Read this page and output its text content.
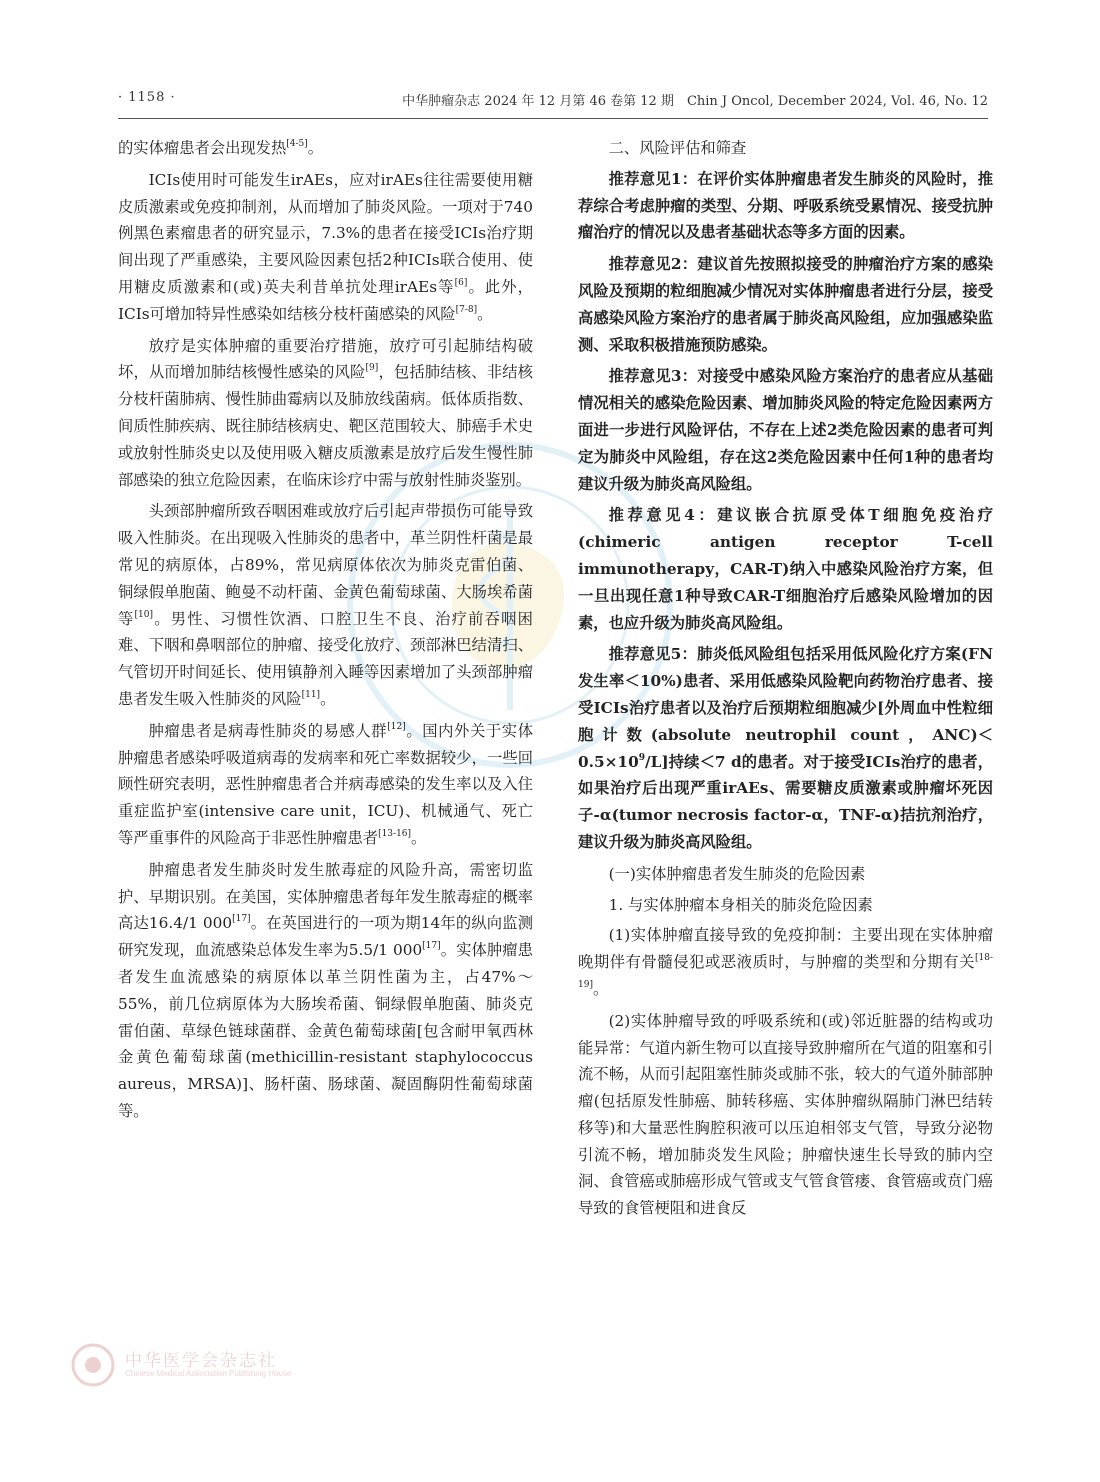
· 1158 ·	中华肿瘤杂志 2024 年 12 月第 46 卷第 12 期　Chin J Oncol, December 2024, Vol. 46, No. 12

的实体瘤患者会出现发热[4-5]。

ICIs使用时可能发生irAEs，应对irAEs往往需要使用糖皮质激素或免疫抑制剂，从而增加了肺炎风险。一项对于740例黑色素瘤患者的研究显示，7.3%的患者在接受ICIs治疗期间出现了严重感染，主要风险因素包括2种ICIs联合使用、使用糖皮质激素和(或)英夫利昔单抗处理irAEs等[6]。此外，ICIs可增加特异性感染如结核分枝杆菌感染的风险[7-8]。

放疗是实体肿瘤的重要治疗措施，放疗可引起肺结构破坏，从而增加肺结核慢性感染的风险[9]，包括肺结核、非结核分枝杆菌肺病、慢性肺曲霉病以及肺放线菌病。低体质指数、间质性肺疾病、既往肺结核病史、靶区范围较大、肺癌手术史或放射性肺炎史以及使用吸入糖皮质激素是放疗后发生慢性肺部感染的独立危险因素，在临床诊疗中需与放射性肺炎鉴别。

头颈部肿瘤所致吞咽困难或放疗后引起声带损伤可能导致吸入性肺炎。在出现吸入性肺炎的患者中，革兰阴性杆菌是最常见的病原体，占89%，常见病原体依次为肺炎克雷伯菌、铜绿假单胞菌、鲍曼不动杆菌、金黄色葡萄球菌、大肠埃希菌等[10]。男性、习惯性饮酒、口腔卫生不良、治疗前吞咽困难、下咽和鼻咽部位的肿瘤、接受化放疗、颈部淋巴结清扫、气管切开时间延长、使用镇静剂入睡等因素增加了头颈部肿瘤患者发生吸入性肺炎的风险[11]。

肿瘤患者是病毒性肺炎的易感人群[12]。国内外关于实体肿瘤患者感染呼吸道病毒的发病率和死亡率数据较少，一些回顾性研究表明，恶性肿瘤患者合并病毒感染的发生率以及入住重症监护室(intensive care unit，ICU)、机械通气、死亡等严重事件的风险高于非恶性肿瘤患者[13-16]。

肿瘤患者发生肺炎时发生脓毒症的风险升高，需密切监护、早期识别。在美国，实体肿瘤患者每年发生脓毒症的概率高达16.4/1 000[17]。在英国进行的一项为期14年的纵向监测研究发现，血流感染总体发生率为5.5/1 000[17]。实体肿瘤患者发生血流感染的病原体以革兰阴性菌为主，占47%～55%，前几位病原体为大肠埃希菌、铜绿假单胞菌、肺炎克雷伯菌、草绿色链球菌群、金黄色葡萄球菌[包含耐甲氧西林金黄色葡萄球菌(methicillin-resistant staphylococcus aureus，MRSA)]、肠杆菌、肠球菌、凝固酶阴性葡萄球菌等。

二、风险评估和筛查

推荐意见1：在评价实体肿瘤患者发生肺炎的风险时，推荐综合考虑肿瘤的类型、分期、呼吸系统受累情况、接受抗肿瘤治疗的情况以及患者基础状态等多方面的因素。

推荐意见2：建议首先按照拟接受的肿瘤治疗方案的感染风险及预期的粒细胞减少情况对实体肿瘤患者进行分层，接受高感染风险方案治疗的患者属于肺炎高风险组，应加强感染监测、采取积极措施预防感染。

推荐意见3：对接受中感染风险方案治疗的患者应从基础情况相关的感染危险因素、增加肺炎风险的特定危险因素两方面进一步进行风险评估，不存在上述2类危险因素的患者可判定为肺炎中风险组，存在这2类危险因素中任何1种的患者均建议升级为肺炎高风险组。

推荐意见4：建议嵌合抗原受体T细胞免疫治疗(chimeric antigen receptor T-cell immunotherapy，CAR-T)纳入中感染风险治疗方案，但一旦出现任意1种导致CAR-T细胞治疗后感染风险增加的因素，也应升级为肺炎高风险组。

推荐意见5：肺炎低风险组包括采用低风险化疗方案(FN发生率＜10%)患者、采用低感染风险靶向药物治疗患者、接受ICIs治疗患者以及治疗后预期粒细胞减少[外周血中性粒细胞计数(absolute neutrophil count，$ANC)<0.5\times 10^9/L$]持续＜7 d的患者。对于接受ICIs治疗的患者，如果治疗后出现严重irAEs、需要糖皮质激素或肿瘤坏死因子-α(tumor necrosis factor-α，TNF-α)拮抗剂治疗，建议升级为肺炎高风险组。

(一)实体肿瘤患者发生肺炎的危险因素

1. 与实体肿瘤本身相关的肺炎危险因素

(1)实体肿瘤直接导致的免疫抑制：主要出现在实体肿瘤晚期伴有骨髓侵犯或恶液质时，与肿瘤的类型和分期有关[18-19]。

(2)实体肿瘤导致的呼吸系统和(或)邻近脏器的结构或功能异常：气道内新生物可以直接导致肿瘤所在气道的阻塞和引流不畅，从而引起阻塞性肺炎或肺不张，较大的气道外肺部肿瘤(包括原发性肺癌、肺转移癌、实体肿瘤纵隔肺门淋巴结转移等)和大量恶性胸腔积液可以压迫相邻支气管，导致分泌物引流不畅，增加肺炎发生风险；肿瘤快速生长导致的肺内空洞、食管癌或肺癌形成气管或支气管食管瘘、食管癌或贲门癌导致的食管梗阻和进食反

中华医学会杂志社
Chinese Medical Association Publishing House
